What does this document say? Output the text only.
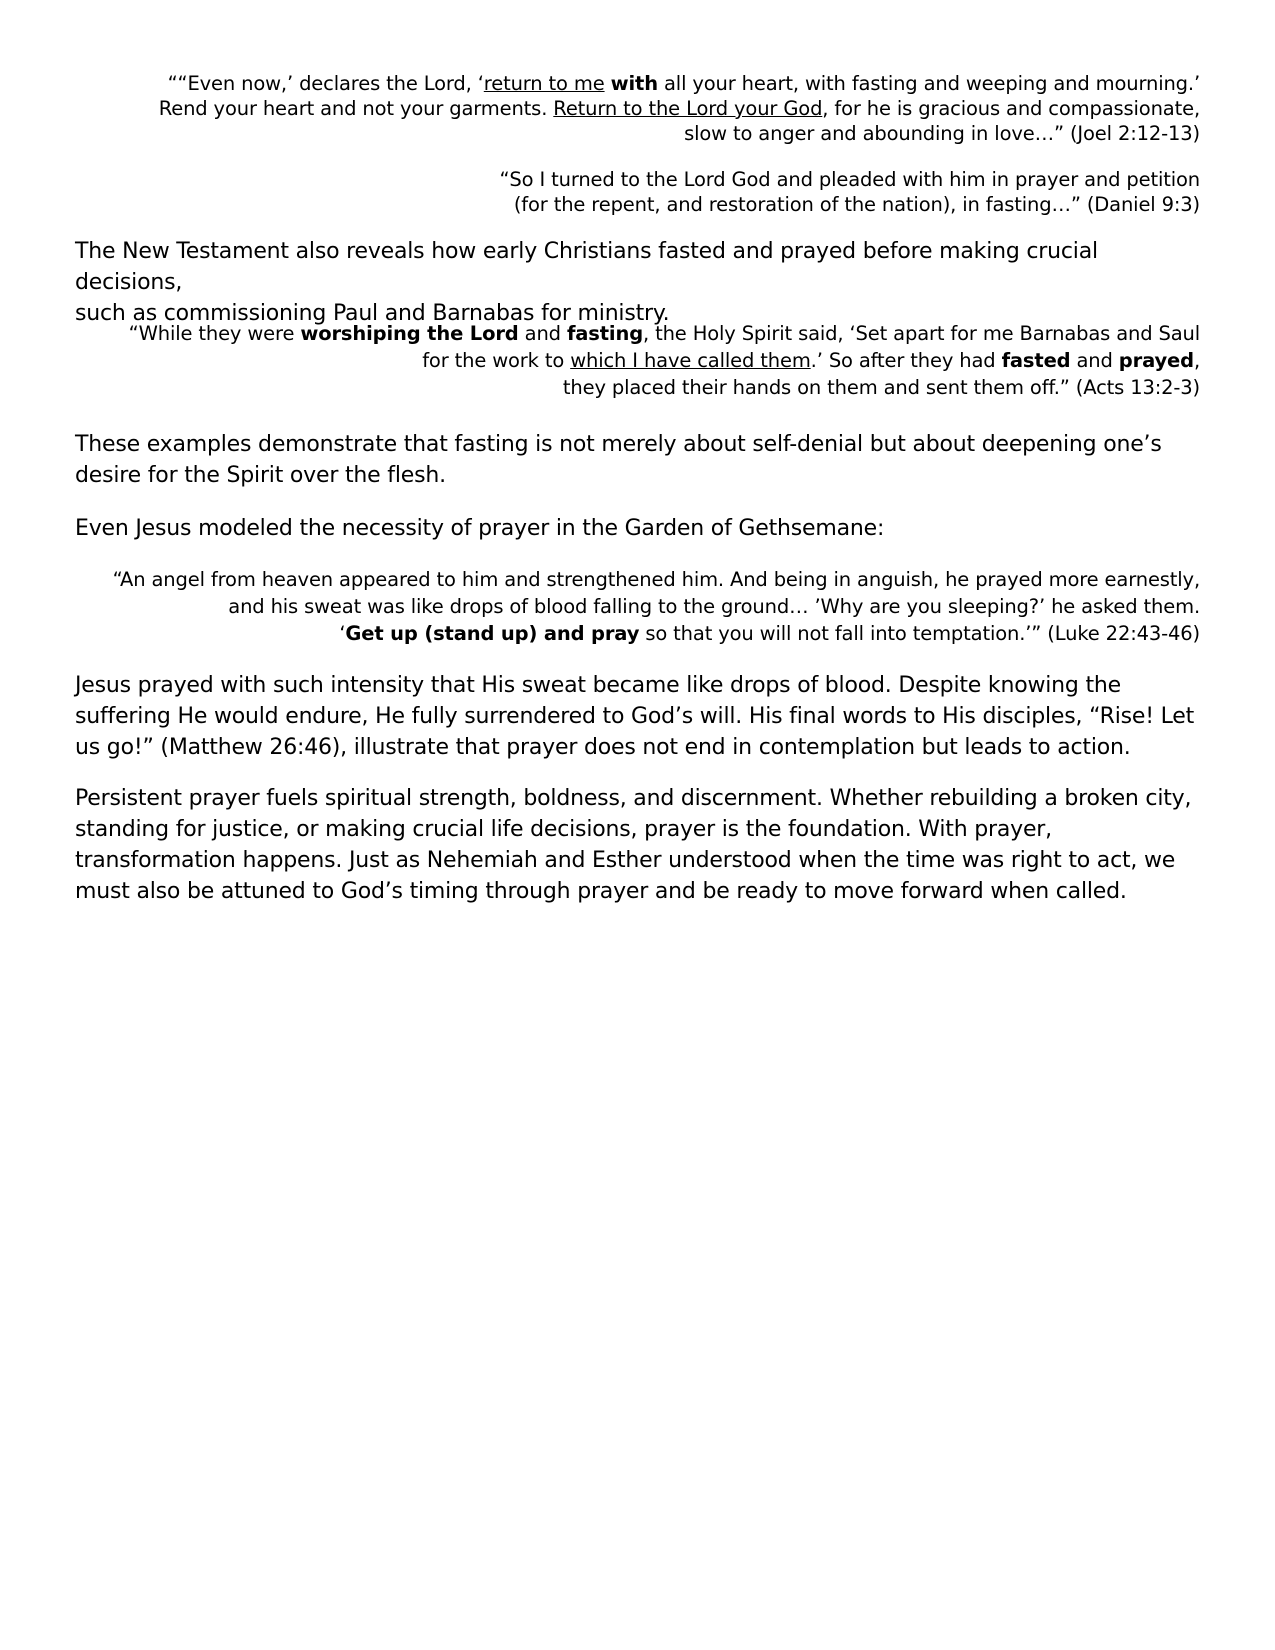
““Even now,’ declares the Lord, ‘return to me with all your heart, with fasting and weeping and mourning.’
Rend your heart and not your garments. Return to the Lord your God, for he is gracious and compassionate,
slow to anger and abounding in love…” (Joel 2:12-13)
“So I turned to the Lord God and pleaded with him in prayer and petition
(for the repent, and restoration of the nation), in fasting…” (Daniel 9:3)
The New Testament also reveals how early Christians fasted and prayed before making crucial decisions,
such as commissioning Paul and Barnabas for ministry.
“While they were worshiping the Lord and fasting, the Holy Spirit said, ‘Set apart for me Barnabas and Saul
for the work to which I have called them.’ So after they had fasted and prayed,
they placed their hands on them and sent them off.” (Acts 13:2-3)
These examples demonstrate that fasting is not merely about self-denial but about deepening one’s
desire for the Spirit over the flesh.
Even Jesus modeled the necessity of prayer in the Garden of Gethsemane:
“An angel from heaven appeared to him and strengthened him. And being in anguish, he prayed more earnestly,
and his sweat was like drops of blood falling to the ground… ’Why are you sleeping?’ he asked them.
‘Get up (stand up) and pray so that you will not fall into temptation.’” (Luke 22:43-46)
Jesus prayed with such intensity that His sweat became like drops of blood. Despite knowing the
suffering He would endure, He fully surrendered to God’s will. His final words to His disciples, “Rise! Let
us go!” (Matthew 26:46), illustrate that prayer does not end in contemplation but leads to action.
Persistent prayer fuels spiritual strength, boldness, and discernment. Whether rebuilding a broken city,
standing for justice, or making crucial life decisions, prayer is the foundation. With prayer,
transformation happens. Just as Nehemiah and Esther understood when the time was right to act, we
must also be attuned to God’s timing through prayer and be ready to move forward when called.
